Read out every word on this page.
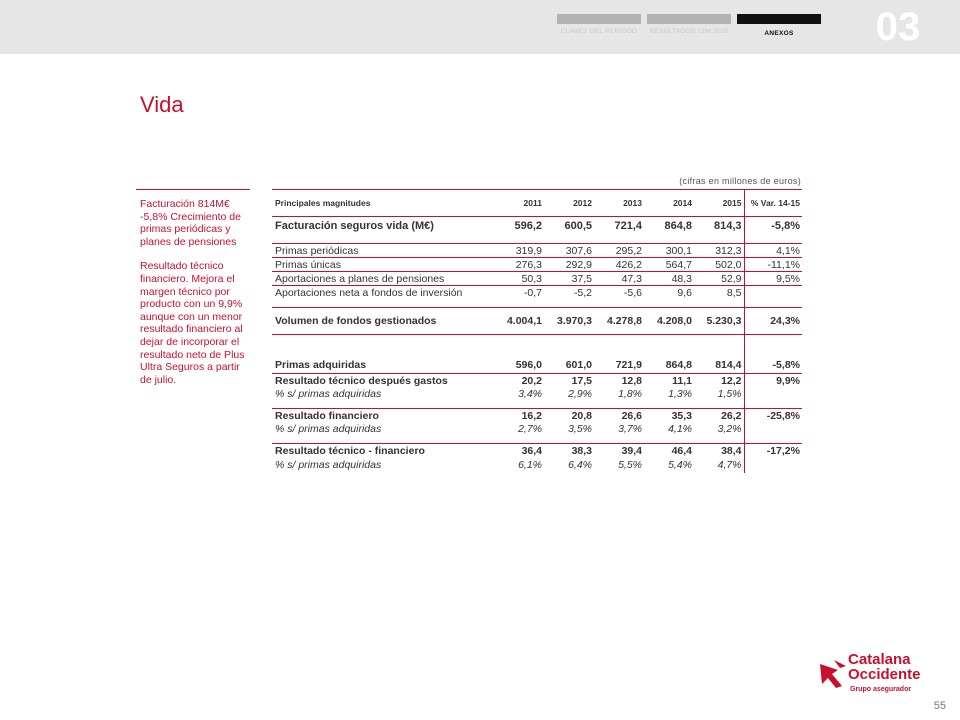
CLAVES DEL PERIODO	RESULTADOS 12M 2015	ANEXOS	03
Vida
(cifras en millones de euros)

Facturación 814M€ -5,8% Crecimiento de primas periódicas y planes de pensiones

Resultado técnico financiero. Mejora el margen técnico por producto con un 9,9% aunque con un menor resultado financiero al dejar de incorporar el resultado neto de Plus Ultra Seguros a partir de julio.

Principales magnitudes	2011	2012	2013	2014	2015	% Var. 14-15
Facturación seguros vida (M€)	596,2	600,5	721,4	864,8	814,3	-5,8%

Primas periódicas	319,9	307,6	295,2	300,1	312,3	4,1%
Primas únicas	276,3	292,9	426,2	564,7	502,0	-11,1%
Aportaciones a planes de pensiones	50,3	37,5	47,3	48,3	52,9	9,5%
Aportaciones neta a fondos de inversión	-0,7	-5,2	-5,6	9,6	8,5	

Volumen de fondos gestionados	4.004,1	3.970,3	4.278,8	4.208,0	5.230,3	24,3%

Primas adquiridas	596,0	601,0	721,9	864,8	814,4	-5,8%
Resultado técnico después gastos	20,2	17,5	12,8	11,1	12,2	9,9%
% s/ primas adquiridas	3,4%	2,9%	1,8%	1,3%	1,5%	

Resultado financiero	16,2	20,8	26,6	35,3	26,2	-25,8%
% s/ primas adquiridas	2,7%	3,5%	3,7%	4,1%	3,2%	

Resultado técnico - financiero	36,4	38,3	39,4	46,4	38,4	-17,2%
% s/ primas adquiridas	6,1%	6,4%	5,5%	5,4%	4,7%	
Catalana
Occidente
Grupo asegurador
55
